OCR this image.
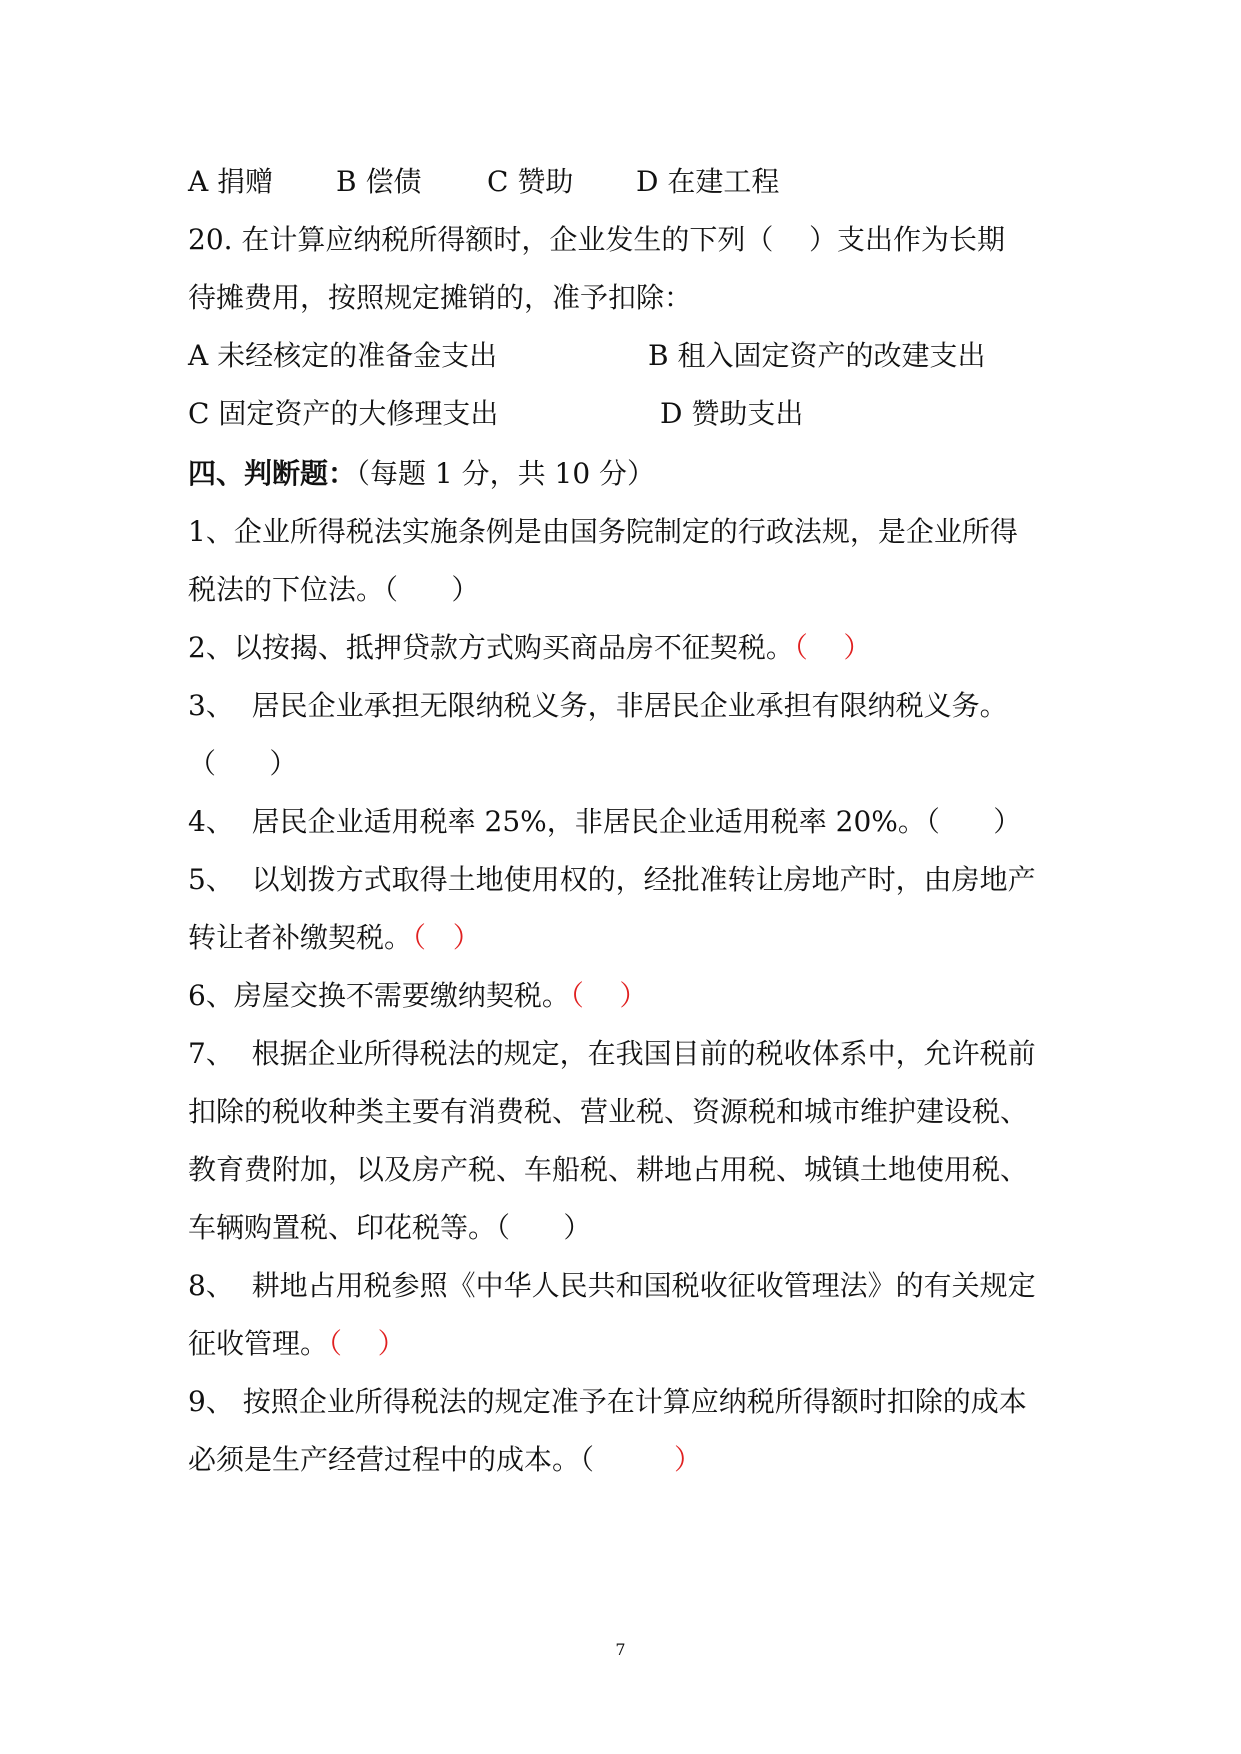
A 捐赠

B 偿债

C 赞助

D 在建工程

20. 在计算应纳税所得额时，企业发生的下列（    ）支出作为长期
待摊费用，按照规定摊销的，准予扣除：

A 未经核定的准备金支出

	B 租入固定资产的改建支出

C 固定资产的大修理支出

	D 赞助支出

四、判断题：（每题 1 分，共 10 分）
1、企业所得税法实施条例是由国务院制定的行政法规，是企业所得
税法的下位法。（      ）
2、以按揭、抵押贷款方式购买商品房不征契税。（    ）
3、  居民企业承担无限纳税义务，非居民企业承担有限纳税义务。
（      ）
4、  居民企业适用税率 25%，非居民企业适用税率 20%。（      ）
5、  以划拨方式取得土地使用权的，经批准转让房地产时，由房地产
转让者补缴契税。（   ）
6、房屋交换不需要缴纳契税。（    ）
7、  根据企业所得税法的规定，在我国目前的税收体系中，允许税前
扣除的税收种类主要有消费税、营业税、资源税和城市维护建设税、
教育费附加，以及房产税、车船税、耕地占用税、城镇土地使用税、
车辆购置税、印花税等。（      ）
8、  耕地占用税参照《中华人民共和国税收征收管理法》的有关规定
征收管理。（    ）
9、 按照企业所得税法的规定准予在计算应纳税所得额时扣除的成本
必须是生产经营过程中的成本。（	）
7
